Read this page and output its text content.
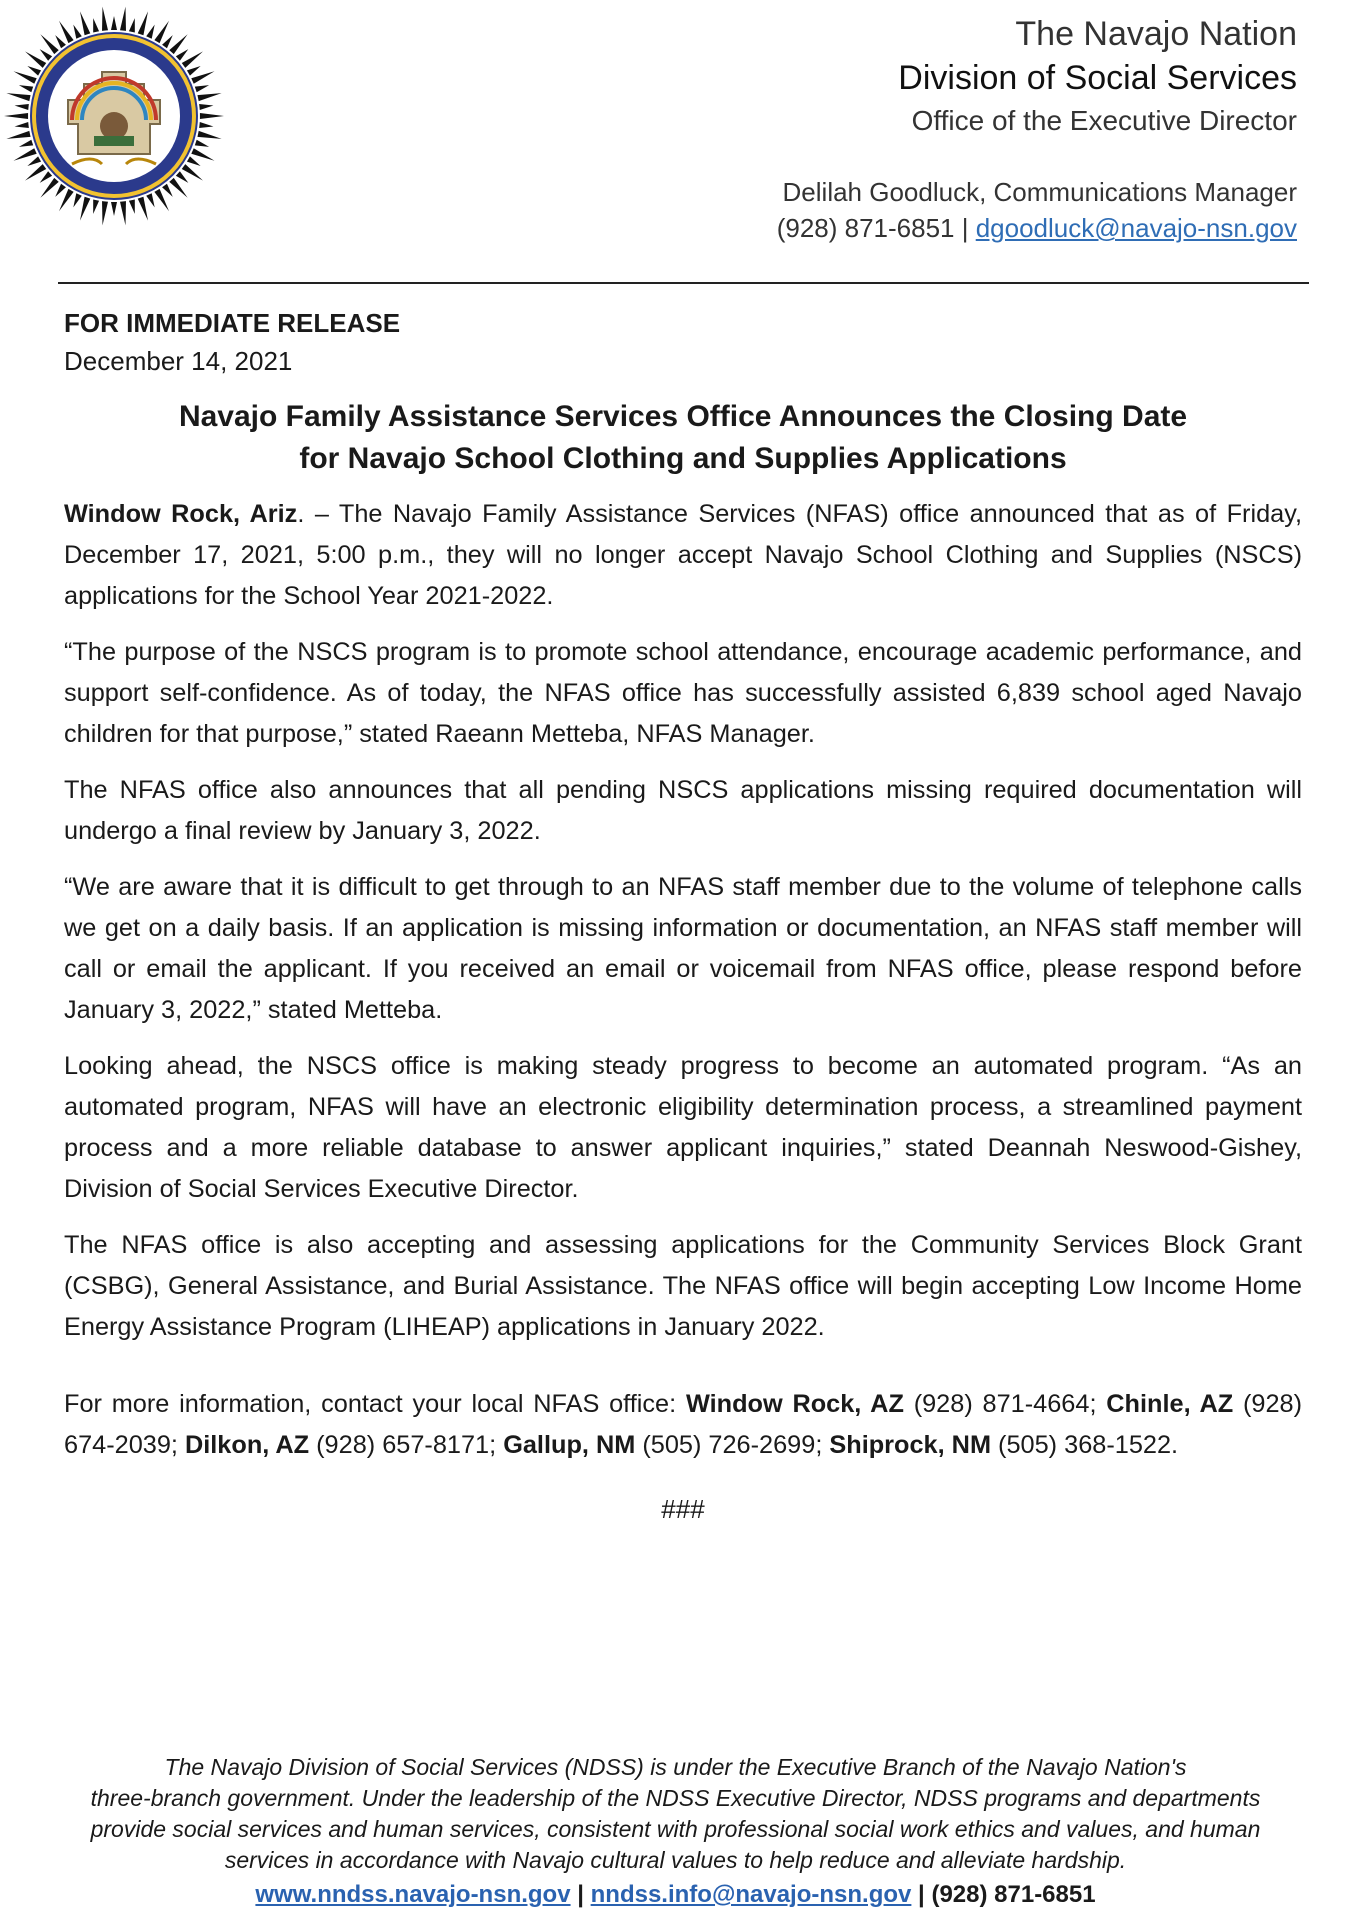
The Navajo Nation
Division of Social Services
Office of the Executive Director
Delilah Goodluck, Communications Manager
(928) 871-6851 | dgoodluck@navajo-nsn.gov
FOR IMMEDIATE RELEASE
December 14, 2021
Navajo Family Assistance Services Office Announces the Closing Date
for Navajo School Clothing and Supplies Applications

Window Rock, Ariz. – The Navajo Family Assistance Services (NFAS) office announced that as of Friday, December 17, 2021, 5:00 p.m., they will no longer accept Navajo School Clothing and Supplies (NSCS) applications for the School Year 2021-2022.

“The purpose of the NSCS program is to promote school attendance, encourage academic performance, and support self-confidence. As of today, the NFAS office has successfully assisted 6,839 school aged Navajo children for that purpose,” stated Raeann Metteba, NFAS Manager.

The NFAS office also announces that all pending NSCS applications missing required documentation will undergo a final review by January 3, 2022.

“We are aware that it is difficult to get through to an NFAS staff member due to the volume of telephone calls we get on a daily basis. If an application is missing information or documentation, an NFAS staff member will call or email the applicant. If you received an email or voicemail from NFAS office, please respond before January 3, 2022,” stated Metteba.

Looking ahead, the NSCS office is making steady progress to become an automated program. “As an automated program, NFAS will have an electronic eligibility determination process, a streamlined payment process and a more reliable database to answer applicant inquiries,” stated Deannah Neswood-Gishey, Division of Social Services Executive Director.

The NFAS office is also accepting and assessing applications for the Community Services Block Grant (CSBG), General Assistance, and Burial Assistance. The NFAS office will begin accepting Low Income Home Energy Assistance Program (LIHEAP) applications in January 2022.

For more information, contact your local NFAS office: Window Rock, AZ (928) 871-4664; Chinle, AZ (928) 674-2039; Dilkon, AZ (928) 657-8171; Gallup, NM (505) 726-2699; Shiprock, NM (505) 368-1522.

###
The Navajo Division of Social Services (NDSS) is under the Executive Branch of the Navajo Nation's
three-branch government. Under the leadership of the NDSS Executive Director, NDSS programs and departments
provide social services and human services, consistent with professional social work ethics and values, and human
services in accordance with Navajo cultural values to help reduce and alleviate hardship.
www.nndss.navajo-nsn.gov | nndss.info@navajo-nsn.gov | (928) 871-6851
